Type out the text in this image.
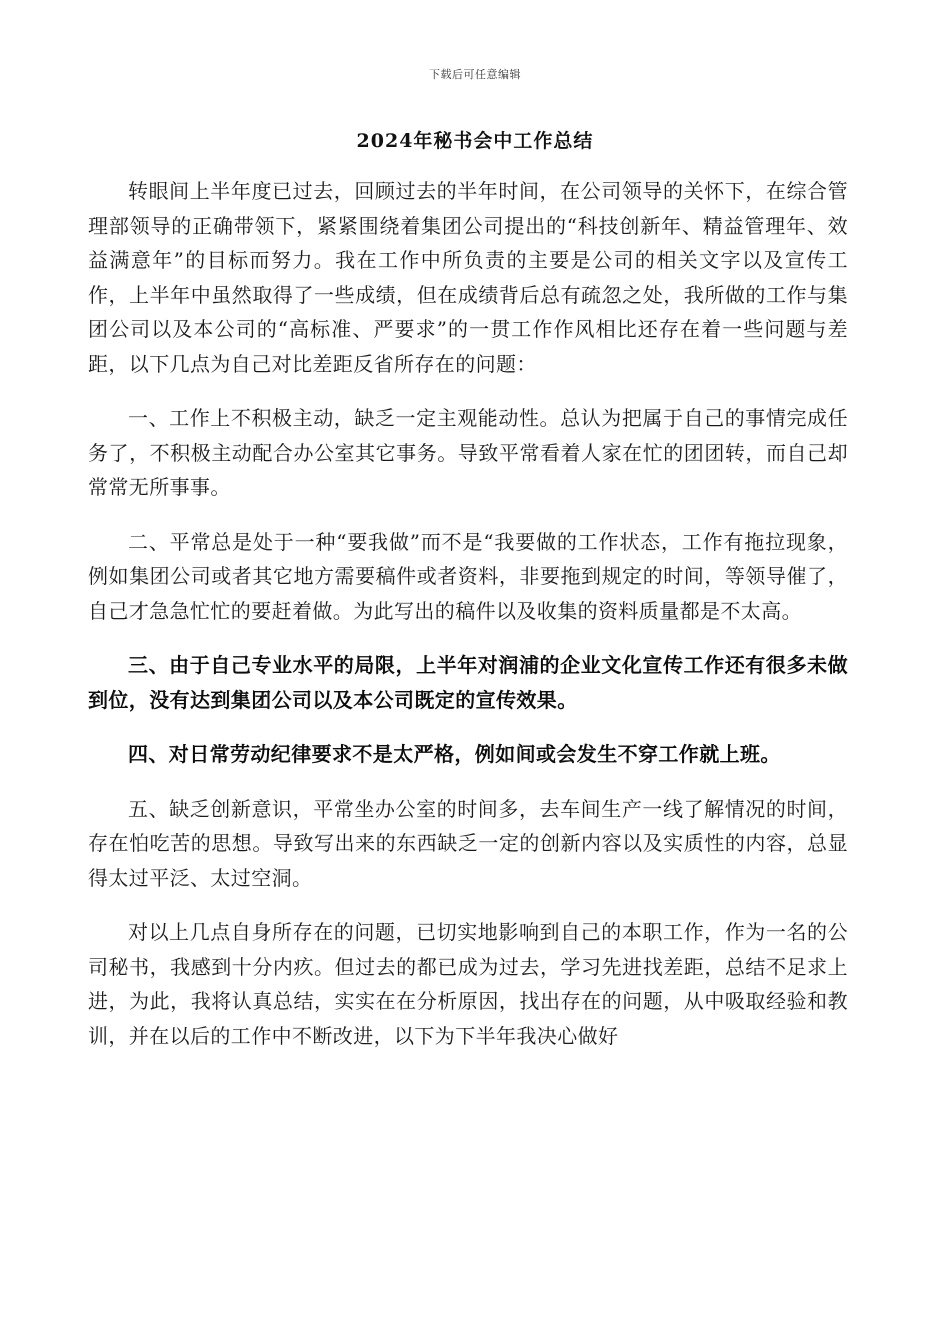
下载后可任意编辑
2024年秘书会中工作总结

转眼间上半年度已过去，回顾过去的半年时间，在公司领导的关怀下，在综合管理部领导的正确带领下，紧紧围绕着集团公司提出的“科技创新年、精益管理年、效益满意年”的目标而努力。我在工作中所负责的主要是公司的相关文字以及宣传工作，上半年中虽然取得了一些成绩，但在成绩背后总有疏忽之处，我所做的工作与集团公司以及本公司的“高标准、严要求”的一贯工作作风相比还存在着一些问题与差距，以下几点为自己对比差距反省所存在的问题：

一、工作上不积极主动，缺乏一定主观能动性。总认为把属于自己的事情完成任务了，不积极主动配合办公室其它事务。导致平常看着人家在忙的团团转，而自己却常常无所事事。

二、平常总是处于一种“要我做”而不是“我要做的工作状态，工作有拖拉现象，例如集团公司或者其它地方需要稿件或者资料，非要拖到规定的时间，等领导催了，自己才急急忙忙的要赶着做。为此写出的稿件以及收集的资料质量都是不太高。

三、由于自己专业水平的局限，上半年对润浦的企业文化宣传工作还有很多未做到位，没有达到集团公司以及本公司既定的宣传效果。

四、对日常劳动纪律要求不是太严格，例如间或会发生不穿工作就上班。

五、缺乏创新意识，平常坐办公室的时间多，去车间生产一线了解情况的时间，存在怕吃苦的思想。导致写出来的东西缺乏一定的创新内容以及实质性的内容，总显得太过平泛、太过空洞。

对以上几点自身所存在的问题，已切实地影响到自己的本职工作，作为一名的公司秘书，我感到十分内疚。但过去的都已成为过去，学习先进找差距，总结不足求上进，为此，我将认真总结，实实在在分析原因，找出存在的问题，从中吸取经验和教训，并在以后的工作中不断改进，以下为下半年我决心做好
